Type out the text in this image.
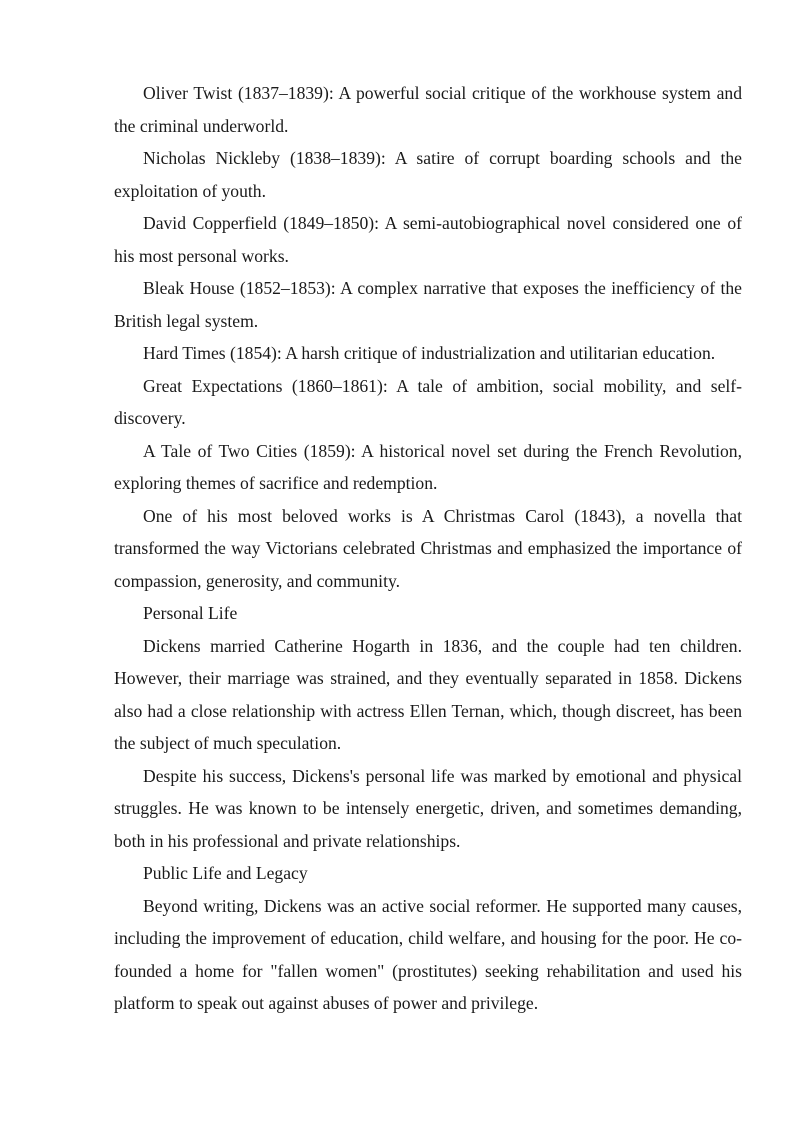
Oliver Twist (1837–1839): A powerful social critique of the workhouse system and the criminal underworld.

Nicholas Nickleby (1838–1839): A satire of corrupt boarding schools and the exploitation of youth.

David Copperfield (1849–1850): A semi-autobiographical novel considered one of his most personal works.

Bleak House (1852–1853): A complex narrative that exposes the inefficiency of the British legal system.

Hard Times (1854): A harsh critique of industrialization and utilitarian education.

Great Expectations (1860–1861): A tale of ambition, social mobility, and self-discovery.

A Tale of Two Cities (1859): A historical novel set during the French Revolution, exploring themes of sacrifice and redemption.

One of his most beloved works is A Christmas Carol (1843), a novella that transformed the way Victorians celebrated Christmas and emphasized the importance of compassion, generosity, and community.

Personal Life

Dickens married Catherine Hogarth in 1836, and the couple had ten children. However, their marriage was strained, and they eventually separated in 1858. Dickens also had a close relationship with actress Ellen Ternan, which, though discreet, has been the subject of much speculation.

Despite his success, Dickens's personal life was marked by emotional and physical struggles. He was known to be intensely energetic, driven, and sometimes demanding, both in his professional and private relationships.

Public Life and Legacy

Beyond writing, Dickens was an active social reformer. He supported many causes, including the improvement of education, child welfare, and housing for the poor. He co-founded a home for "fallen women" (prostitutes) seeking rehabilitation and used his platform to speak out against abuses of power and privilege.
